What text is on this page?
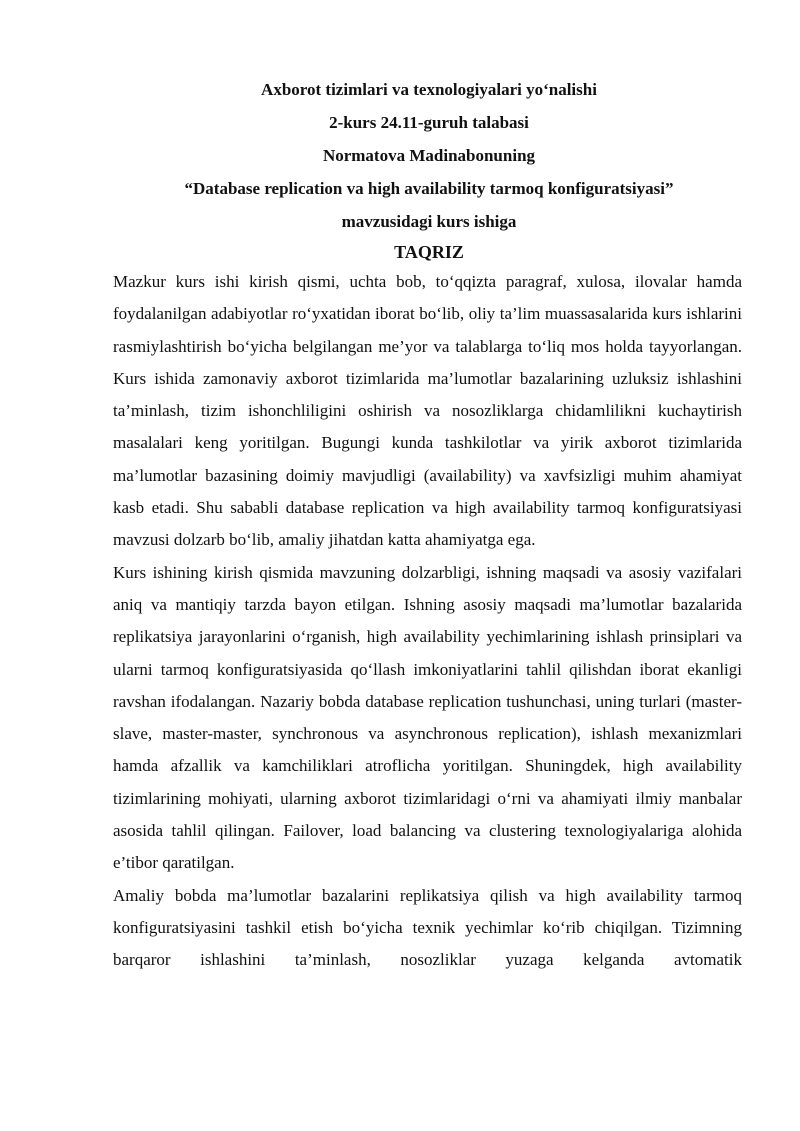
Axborot tizimlari va texnologiyalari yo‘nalishi
2-kurs 24.11-guruh talabasi
Normatova Madinabonuning
“Database replication va high availability tarmoq konfiguratsiyasi”
mavzusidagi kurs ishiga
TAQRIZ

Mazkur kurs ishi kirish qismi, uchta bob, to‘qqizta paragraf, xulosa, ilovalar hamda foydalanilgan adabiyotlar ro‘yxatidan iborat bo‘lib, oliy ta’lim muassasalarida kurs ishlarini rasmiylashtirish bo‘yicha belgilangan me’yor va talablarga to‘liq mos holda tayyorlangan. Kurs ishida zamonaviy axborot tizimlarida ma’lumotlar bazalarining uzluksiz ishlashini ta’minlash, tizim ishonchliligini oshirish va nosozliklarga chidamlilikni kuchaytirish masalalari keng yoritilgan. Bugungi kunda tashkilotlar va yirik axborot tizimlarida ma’lumotlar bazasining doimiy mavjudligi (availability) va xavfsizligi muhim ahamiyat kasb etadi. Shu sababli database replication va high availability tarmoq konfiguratsiyasi mavzusi dolzarb bo‘lib, amaliy jihatdan katta ahamiyatga ega.

Kurs ishining kirish qismida mavzuning dolzarbligi, ishning maqsadi va asosiy vazifalari aniq va mantiqiy tarzda bayon etilgan. Ishning asosiy maqsadi ma’lumotlar bazalarida replikatsiya jarayonlarini o‘rganish, high availability yechimlarining ishlash prinsiplari va ularni tarmoq konfiguratsiyasida qo‘llash imkoniyatlarini tahlil qilishdan iborat ekanligi ravshan ifodalangan. Nazariy bobda database replication tushunchasi, uning turlari (master-slave, master-master, synchronous va asynchronous replication), ishlash mexanizmlari hamda afzallik va kamchiliklari atroflicha yoritilgan. Shuningdek, high availability tizimlarining mohiyati, ularning axborot tizimlaridagi o‘rni va ahamiyati ilmiy manbalar asosida tahlil qilingan. Failover, load balancing va clustering texnologiyalariga alohida e’tibor qaratilgan.

Amaliy bobda ma’lumotlar bazalarini replikatsiya qilish va high availability tarmoq konfiguratsiyasini tashkil etish bo‘yicha texnik yechimlar ko‘rib chiqilgan. Tizimning barqaror ishlashini ta’minlash, nosozliklar yuzaga kelganda avtomatik
